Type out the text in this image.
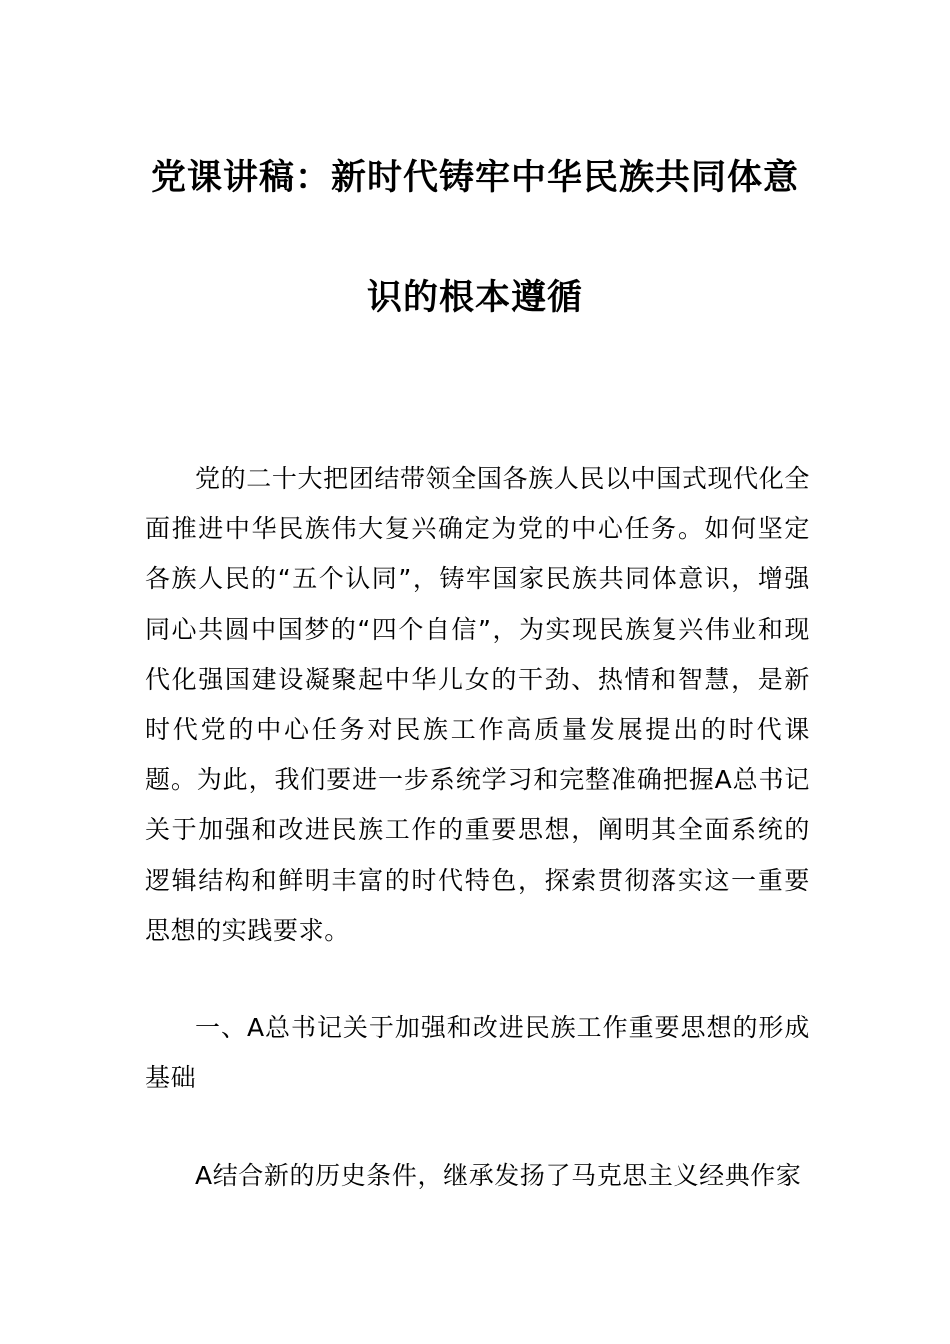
党课讲稿：新时代铸牢中华民族共同体意
识的根本遵循

党的二十大把团结带领全国各族人民以中国式现代化全面推进中华民族伟大复兴确定为党的中心任务。如何坚定各族人民的“五个认同”，铸牢国家民族共同体意识，增强同心共圆中国梦的“四个自信”，为实现民族复兴伟业和现代化强国建设凝聚起中华儿女的干劲、热情和智慧，是新时代党的中心任务对民族工作高质量发展提出的时代课题。为此，我们要进一步系统学习和完整准确把握A总书记关于加强和改进民族工作的重要思想，阐明其全面系统的逻辑结构和鲜明丰富的时代特色，探索贯彻落实这一重要思想的实践要求。

一、A总书记关于加强和改进民族工作重要思想的形成基础

A结合新的历史条件，继承发扬了马克思主义经典作家
